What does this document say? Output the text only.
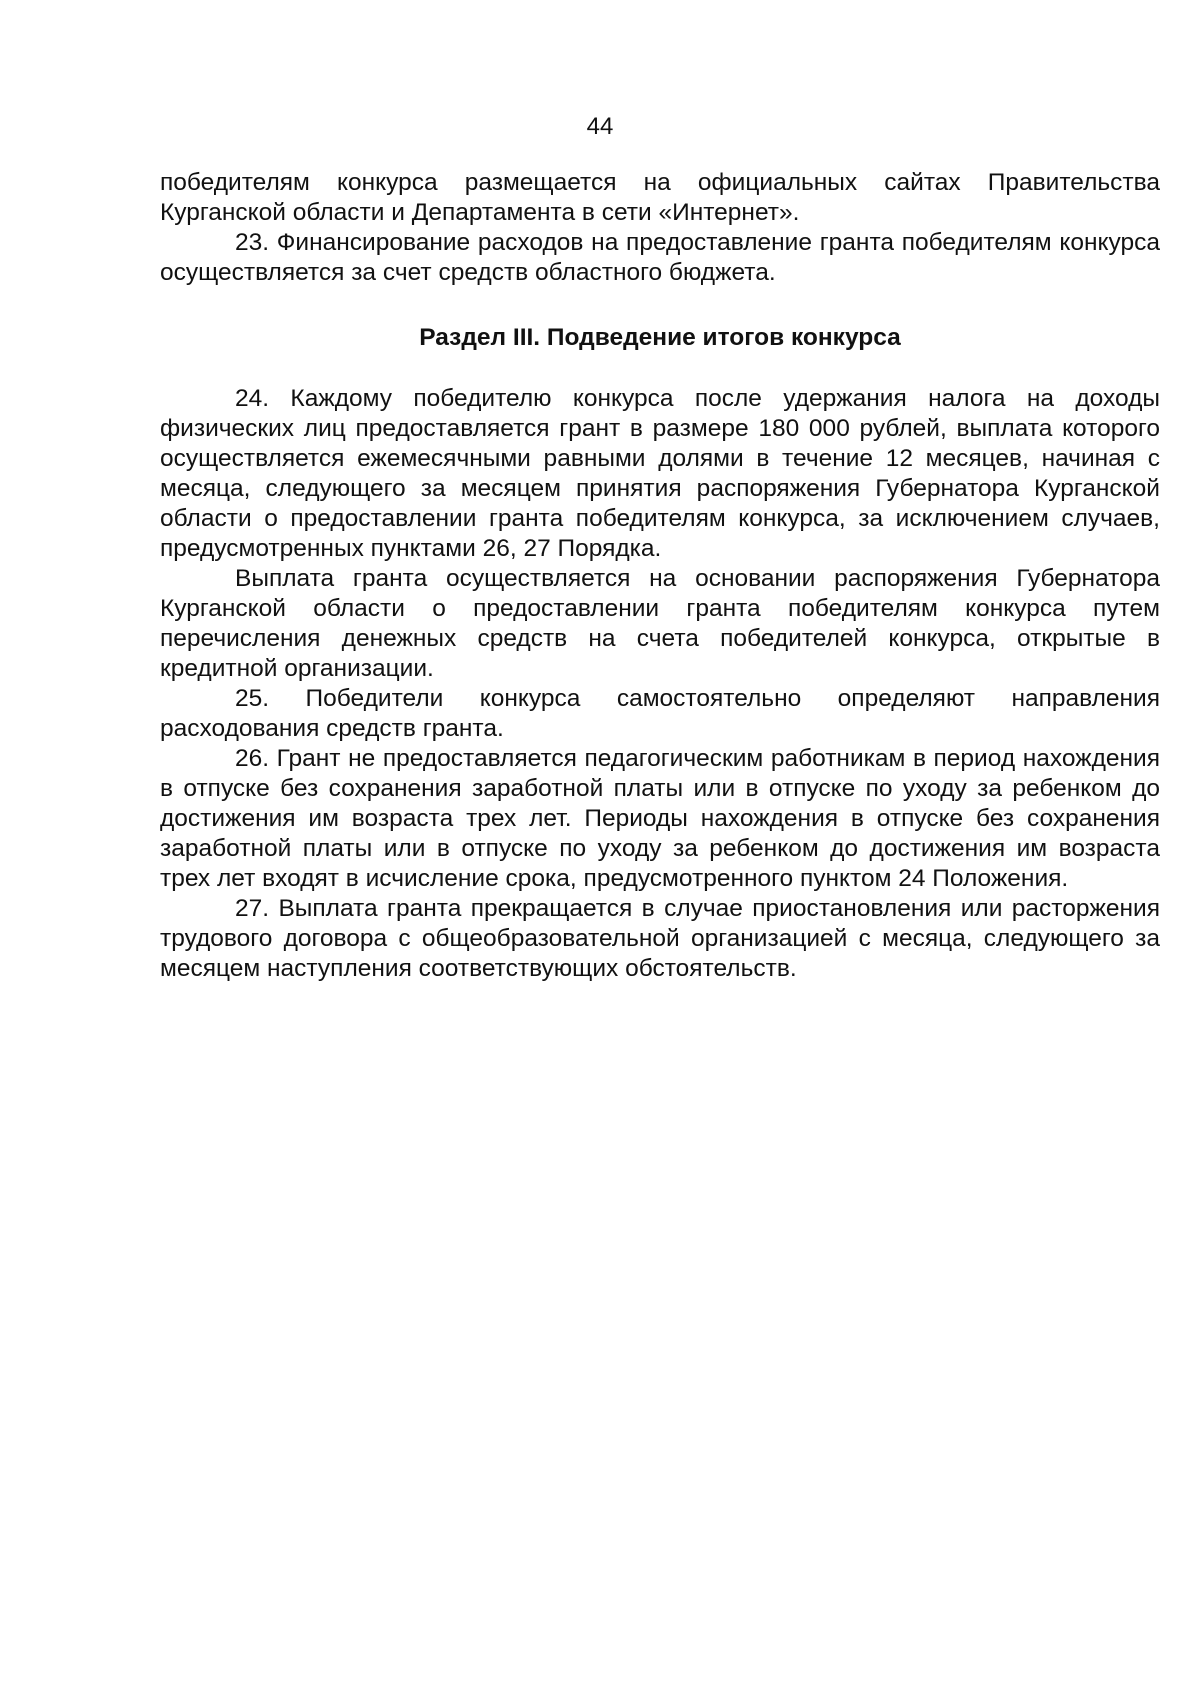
44

победителям конкурса размещается на официальных сайтах Правительства Курганской области и Департамента в сети «Интернет».

23. Финансирование расходов на предоставление гранта победителям конкурса осуществляется за счет средств областного бюджета.

Раздел III. Подведение итогов конкурса

24. Каждому победителю конкурса после удержания налога на доходы физических лиц предоставляется грант в размере 180 000 рублей, выплата которого осуществляется ежемесячными равными долями в течение 12 месяцев, начиная с месяца, следующего за месяцем принятия распоряжения Губернатора Курганской области о предоставлении гранта победителям конкурса, за исключением случаев, предусмотренных пунктами 26, 27 Порядка.

Выплата гранта осуществляется на основании распоряжения Губернатора Курганской области о предоставлении гранта победителям конкурса путем перечисления денежных средств на счета победителей конкурса, открытые в кредитной организации.

25. Победители конкурса самостоятельно определяют направления расходования средств гранта.

26. Грант не предоставляется педагогическим работникам в период нахождения в отпуске без сохранения заработной платы или в отпуске по уходу за ребенком до достижения им возраста трех лет. Периоды нахождения в отпуске без сохранения заработной платы или в отпуске по уходу за ребенком до достижения им возраста трех лет входят в исчисление срока, предусмотренного пунктом 24 Положения.

27. Выплата гранта прекращается в случае приостановления или расторжения трудового договора с общеобразовательной организацией с месяца, следующего за месяцем наступления соответствующих обстоятельств.
